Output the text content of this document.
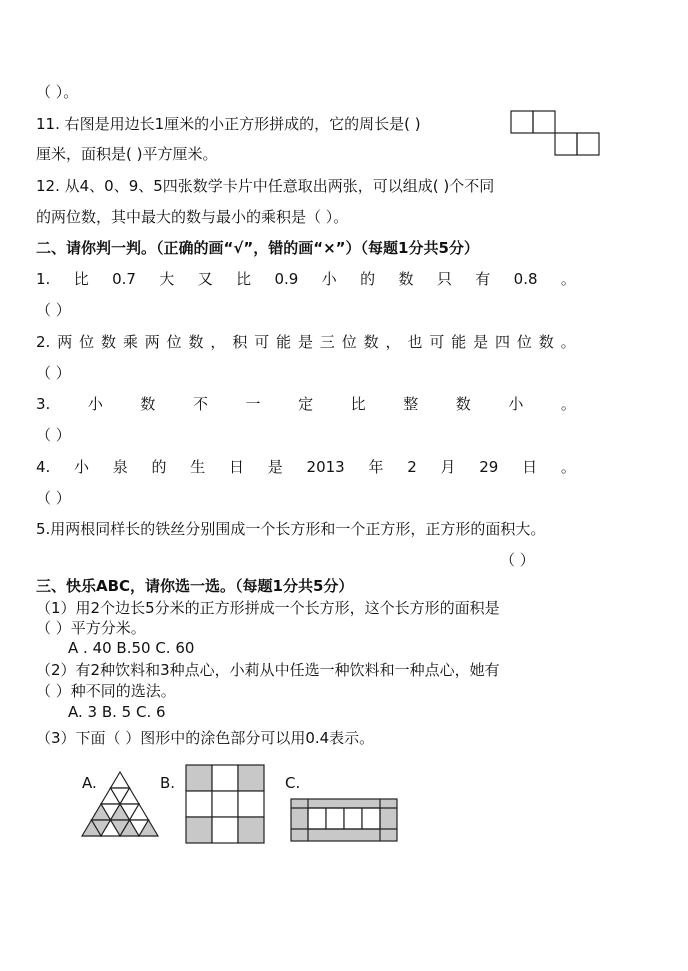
（ ）。
11. 右图是用边长1厘米的小正方形拼成的，它的周长是( )
厘米，面积是( )平方厘米。
12. 从4、0、9、5四张数学卡片中任意取出两张，可以组成( )个不同
的两位数，其中最大的数与最小的乘积是（ ）。
二、请你判一判。（正确的画“√”，错的画“×”）（每题1分共5分）
1. 比 0.7 大 又 比 0.9 小 的 数 只 有 0.8 。
（ ）
2. 两 位 数 乘 两 位 数 ， 积 可 能 是 三 位 数 ， 也 可 能 是 四 位 数 。
（ ）
3.	小	数	不	一	定	比	整	数	小	。
（ ）
4. 小 泉 的 生 日 是 2013 年 2 月 29 日 。
（ ）
5.用两根同样长的铁丝分别围成一个长方形和一个正方形，正方形的面积大。
（ ）
三、快乐ABC，请你选一选。（每题1分共5分）
（1）用2个边长5分米的正方形拼成一个长方形，这个长方形的面积是
（ ）平方分米。
A . 40 B.50 C. 60
（2）有2种饮料和3种点心，小莉从中任选一种饮料和一种点心，她有
（ ）种不同的选法。
A. 3 B. 5 C. 6
（3）下面（ ）图形中的涂色部分可以用0.4表示。
A.	B.	C.
